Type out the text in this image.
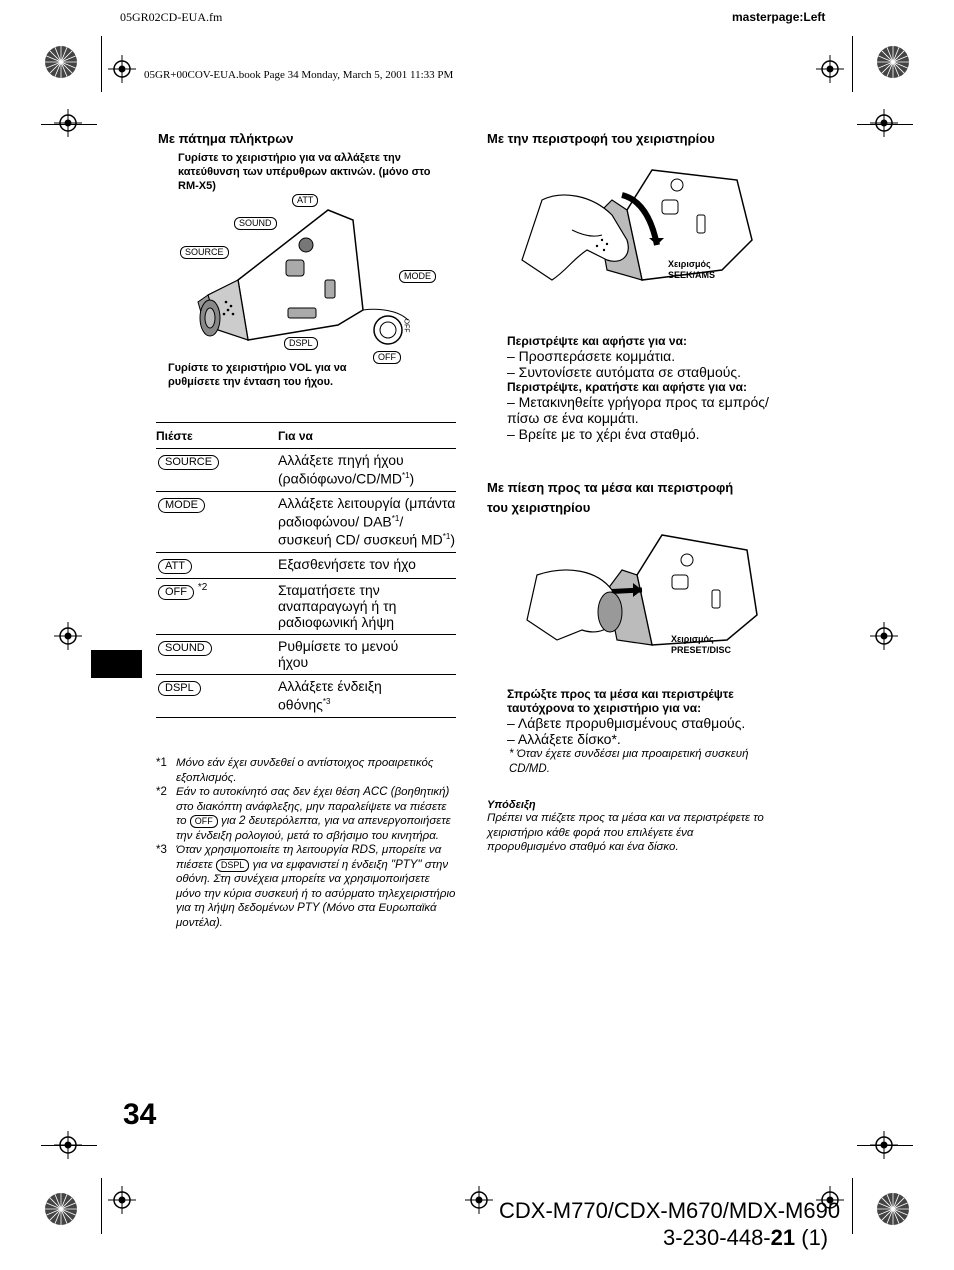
05GR02CD-EUA.fm	masterpage:Left
05GR+00COV-EUA.book Page 34 Monday, March 5, 2001 11:33 PM
Με πάτημα πλήκτρων
Γυρίστε το χειριστήριο για να αλλάξετε την κατεύθυνση των υπέρυθρων ακτινών. (μόνο στο RM-X5)
ATT
SOUND
SOURCE
MODE
DSPL
OFF
OFF
Γυρίστε το χειριστήριο VOL για να ρυθμίσετε την ένταση του ήχου.
Πιέστε	Για να
SOURCE	Αλλάξετε πηγή ήχου (ραδιόφωνο/CD/MD$^{*1}$)
MODE	Αλλάξετε λειτουργία (μπάντα ραδιοφώνου/ DAB$^{*1}$/συσκευή CD/ συσκευή MD$^{*1}$)
ATT	Εξασθενήσετε τον ήχο
OFF $^{*2}$	Σταματήσετε την αναπαραγωγή ή τη ραδιοφωνική λήψη
SOUND	Ρυθμίσετε το μενού ήχου
DSPL	Αλλάξετε ένδειξη οθόνης$^{*3}$
*1 Μόνο εάν έχει συνδεθεί ο αντίστοιχος προαιρετικός εξοπλισμός.
*2 Εάν το αυτοκίνητό σας δεν έχει θέση ACC (βοηθητική) στο διακόπτη ανάφλεξης, μην παραλείψετε να πιέσετε το OFF για 2 δευτερόλεπτα, για να απενεργοποιήσετε την ένδειξη ρολογιού, μετά το σβήσιμο του κινητήρα.
*3 Όταν χρησιμοποιείτε τη λειτουργία RDS, μπορείτε να πιέσετε DSPL για να εμφανιστεί η ένδειξη "PTY" στην οθόνη. Στη συνέχεια μπορείτε να χρησιμοποιήσετε μόνο την κύρια συσκευή ή το ασύρματο τηλεχειριστήριο για τη λήψη δεδομένων PTY (Μόνο στα Ευρωπαϊκά μοντέλα).
Με την περιστροφή του χειριστηρίου
Χειρισμός SEEK/AMS
Περιστρέψτε και αφήστε για να:
– Προσπεράσετε κομμάτια.
– Συντονίσετε αυτόματα σε σταθμούς.
Περιστρέψτε, κρατήστε και αφήστε για να:
– Μετακινηθείτε γρήγορα προς τα εμπρός/πίσω σε ένα κομμάτι.
– Βρείτε με το χέρι ένα σταθμό.
Με πίεση προς τα μέσα και περιστροφή του χειριστηρίου
Χειρισμός PRESET/DISC
Σπρώξτε προς τα μέσα και περιστρέψτε ταυτόχρονα το χειριστήριο για να:
– Λάβετε προρυθμισμένους σταθμούς.
– Αλλάξετε δίσκο*.
* Όταν έχετε συνδέσει μια προαιρετική συσκευή CD/MD.
Υπόδειξη
Πρέπει να πιέζετε προς τα μέσα και να περιστρέφετε το χειριστήριο κάθε φορά που επιλέγετε ένα προρυθμισμένο σταθμό και ένα δίσκο.
34
CDX-M770/CDX-M670/MDX-M690
3-230-448-21 (1)
